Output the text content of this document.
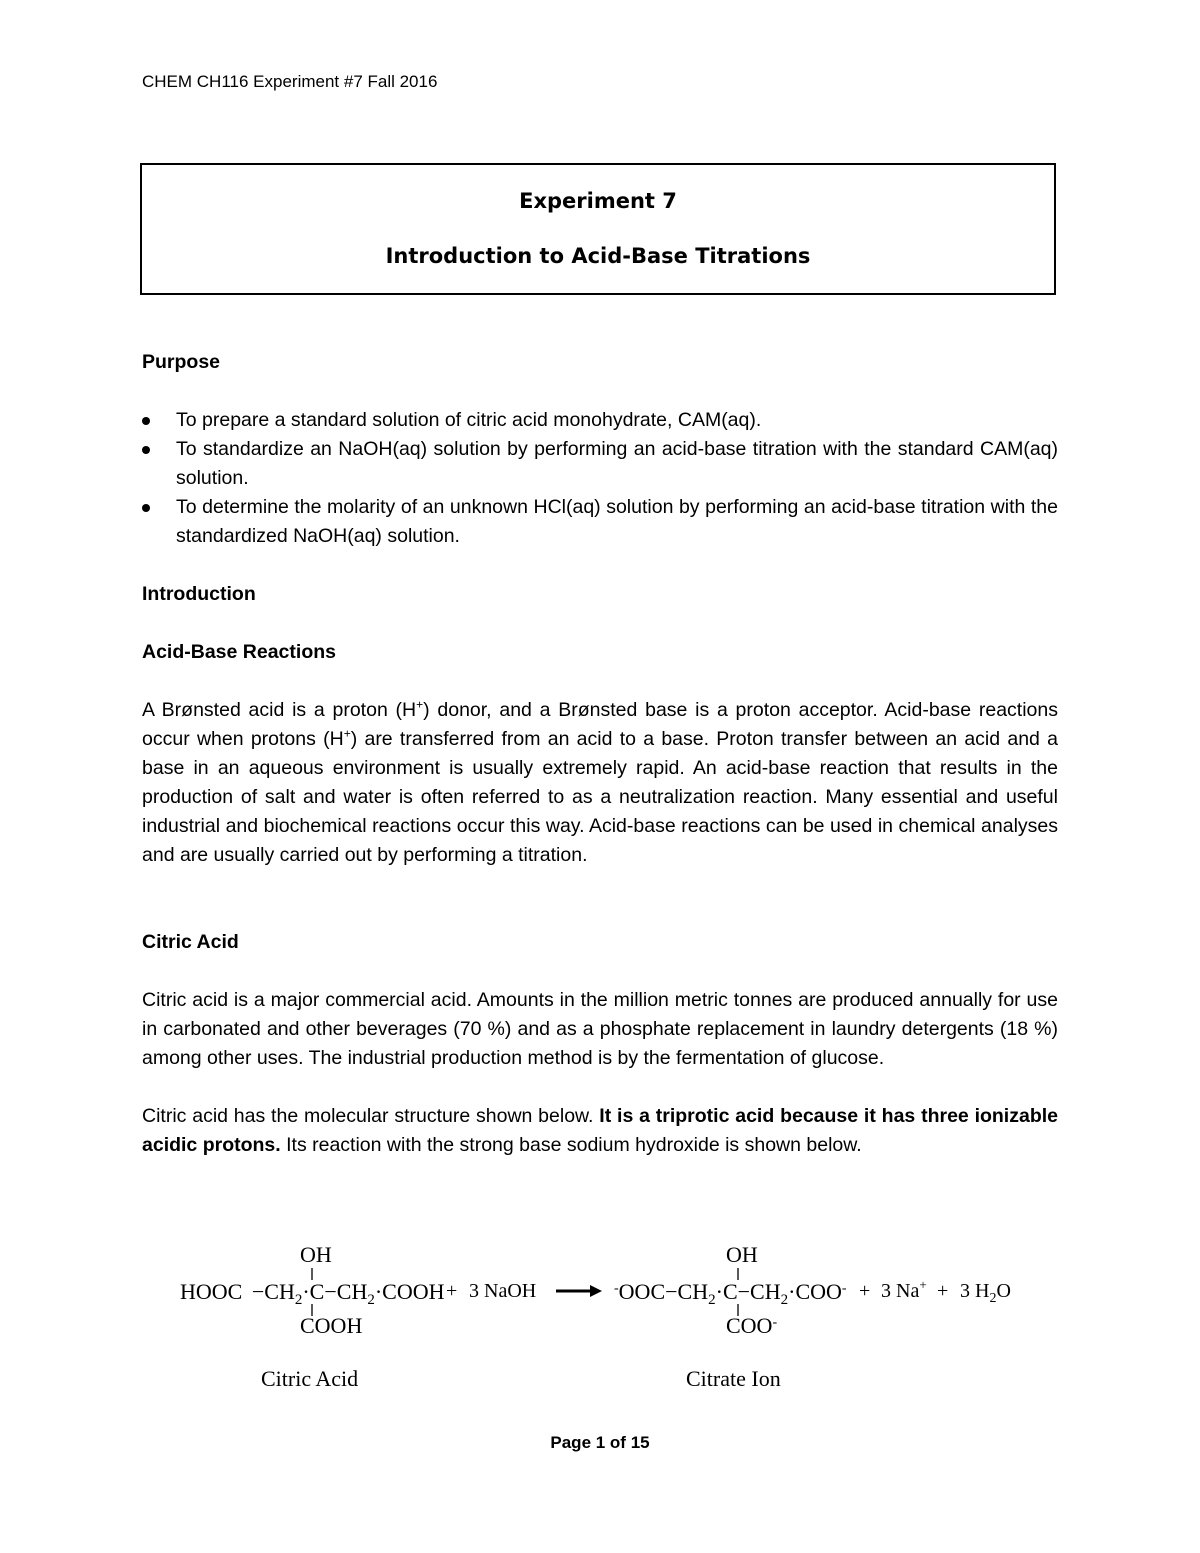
CHEM CH116 Experiment #7 Fall 2016
Experiment 7
Introduction to Acid-Base Titrations
Purpose
To prepare a standard solution of citric acid monohydrate, CAM(aq).
To standardize an NaOH(aq) solution by performing an acid-base titration with the standard CAM(aq) solution.
To determine the molarity of an unknown HCl(aq) solution by performing an acid-base titration with the standardized NaOH(aq) solution.
Introduction
Acid-Base Reactions

A Brønsted acid is a proton (H+) donor, and a Brønsted base is a proton acceptor. Acid-base reactions occur when protons (H+) are transferred from an acid to a base. Proton transfer between an acid and a base in an aqueous environment is usually extremely rapid. An acid-base reaction that results in the production of salt and water is often referred to as a neutralization reaction. Many essential and useful industrial and biochemical reactions occur this way. Acid-base reactions can be used in chemical analyses and are usually carried out by performing a titration.

Citric Acid

Citric acid is a major commercial acid. Amounts in the million metric tonnes are produced annually for use in carbonated and other beverages (70 %) and as a phosphate replacement in laundry detergents (18 %) among other uses. The industrial production method is by the fermentation of glucose.

Citric acid has the molecular structure shown below. It is a triprotic acid because it has three ionizable acidic protons. Its reaction with the strong base sodium hydroxide is shown below.

OH
HOOC $-CH_2\cdot C-CH_2\cdot COOH$
COOH
+ 3 NaOH
OH
$^-OOC-CH_2\cdot C-CH_2\cdot COO^-$
COO-
+ 3 Na+ + 3 $H_2O$
Citric Acid	Citrate Ion
Page 1 of 15
